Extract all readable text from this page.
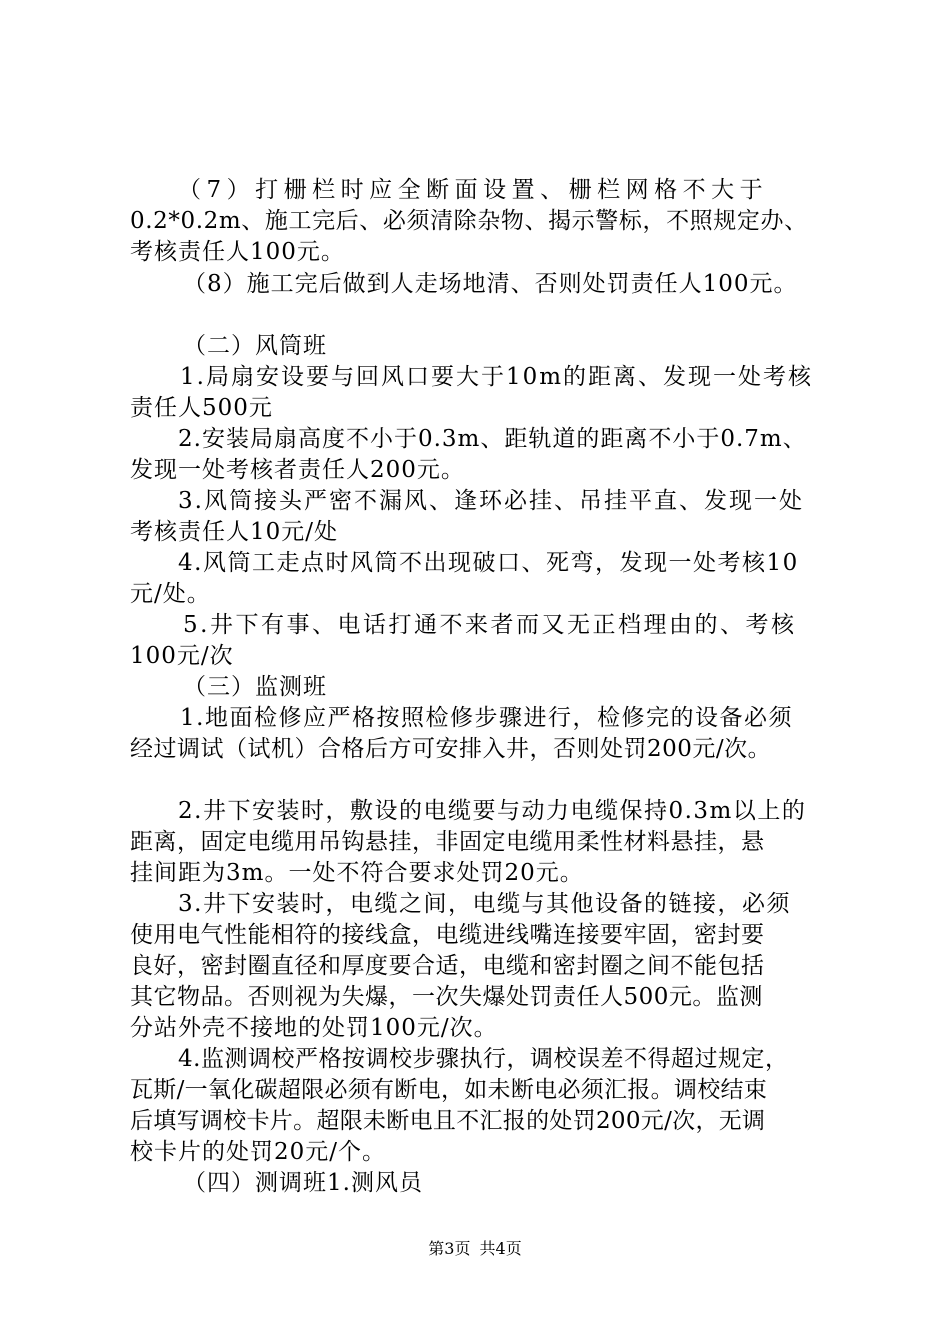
（7）打栅栏时应全断面设置、栅栏网格不大于
0.2*0.2m、施工完后、必须清除杂物、揭示警标，不照规定办、
考核责任人100元。
（8）施工完后做到人走场地清、否则处罚责任人100元。
（二）风筒班
1.局扇安设要与回风口要大于10m的距离、发现一处考核
责任人500元
2.安装局扇高度不小于0.3m、距轨道的距离不小于0.7m、
发现一处考核者责任人200元。
3.风筒接头严密不漏风、逢环必挂、吊挂平直、发现一处
考核责任人10元/处
4.风筒工走点时风筒不出现破口、死弯，发现一处考核10
元/处。
5.井下有事、电话打通不来者而又无正档理由的、考核
100元/次
（三）监测班
1.地面检修应严格按照检修步骤进行，检修完的设备必须
经过调试（试机）合格后方可安排入井，否则处罚200元/次。
2.井下安装时，敷设的电缆要与动力电缆保持0.3m以上的
距离，固定电缆用吊钩悬挂，非固定电缆用柔性材料悬挂，悬
挂间距为3m。一处不符合要求处罚20元。
3.井下安装时，电缆之间，电缆与其他设备的链接，必须
使用电气性能相符的接线盒，电缆进线嘴连接要牢固，密封要
良好，密封圈直径和厚度要合适，电缆和密封圈之间不能包括
其它物品。否则视为失爆，一次失爆处罚责任人500元。监测
分站外壳不接地的处罚100元/次。
4.监测调校严格按调校步骤执行，调校误差不得超过规定，
瓦斯/一氧化碳超限必须有断电，如未断电必须汇报。调校结束
后填写调校卡片。超限未断电且不汇报的处罚200元/次，无调
校卡片的处罚20元/个。
（四）测调班1.测风员
第3页 共4页
